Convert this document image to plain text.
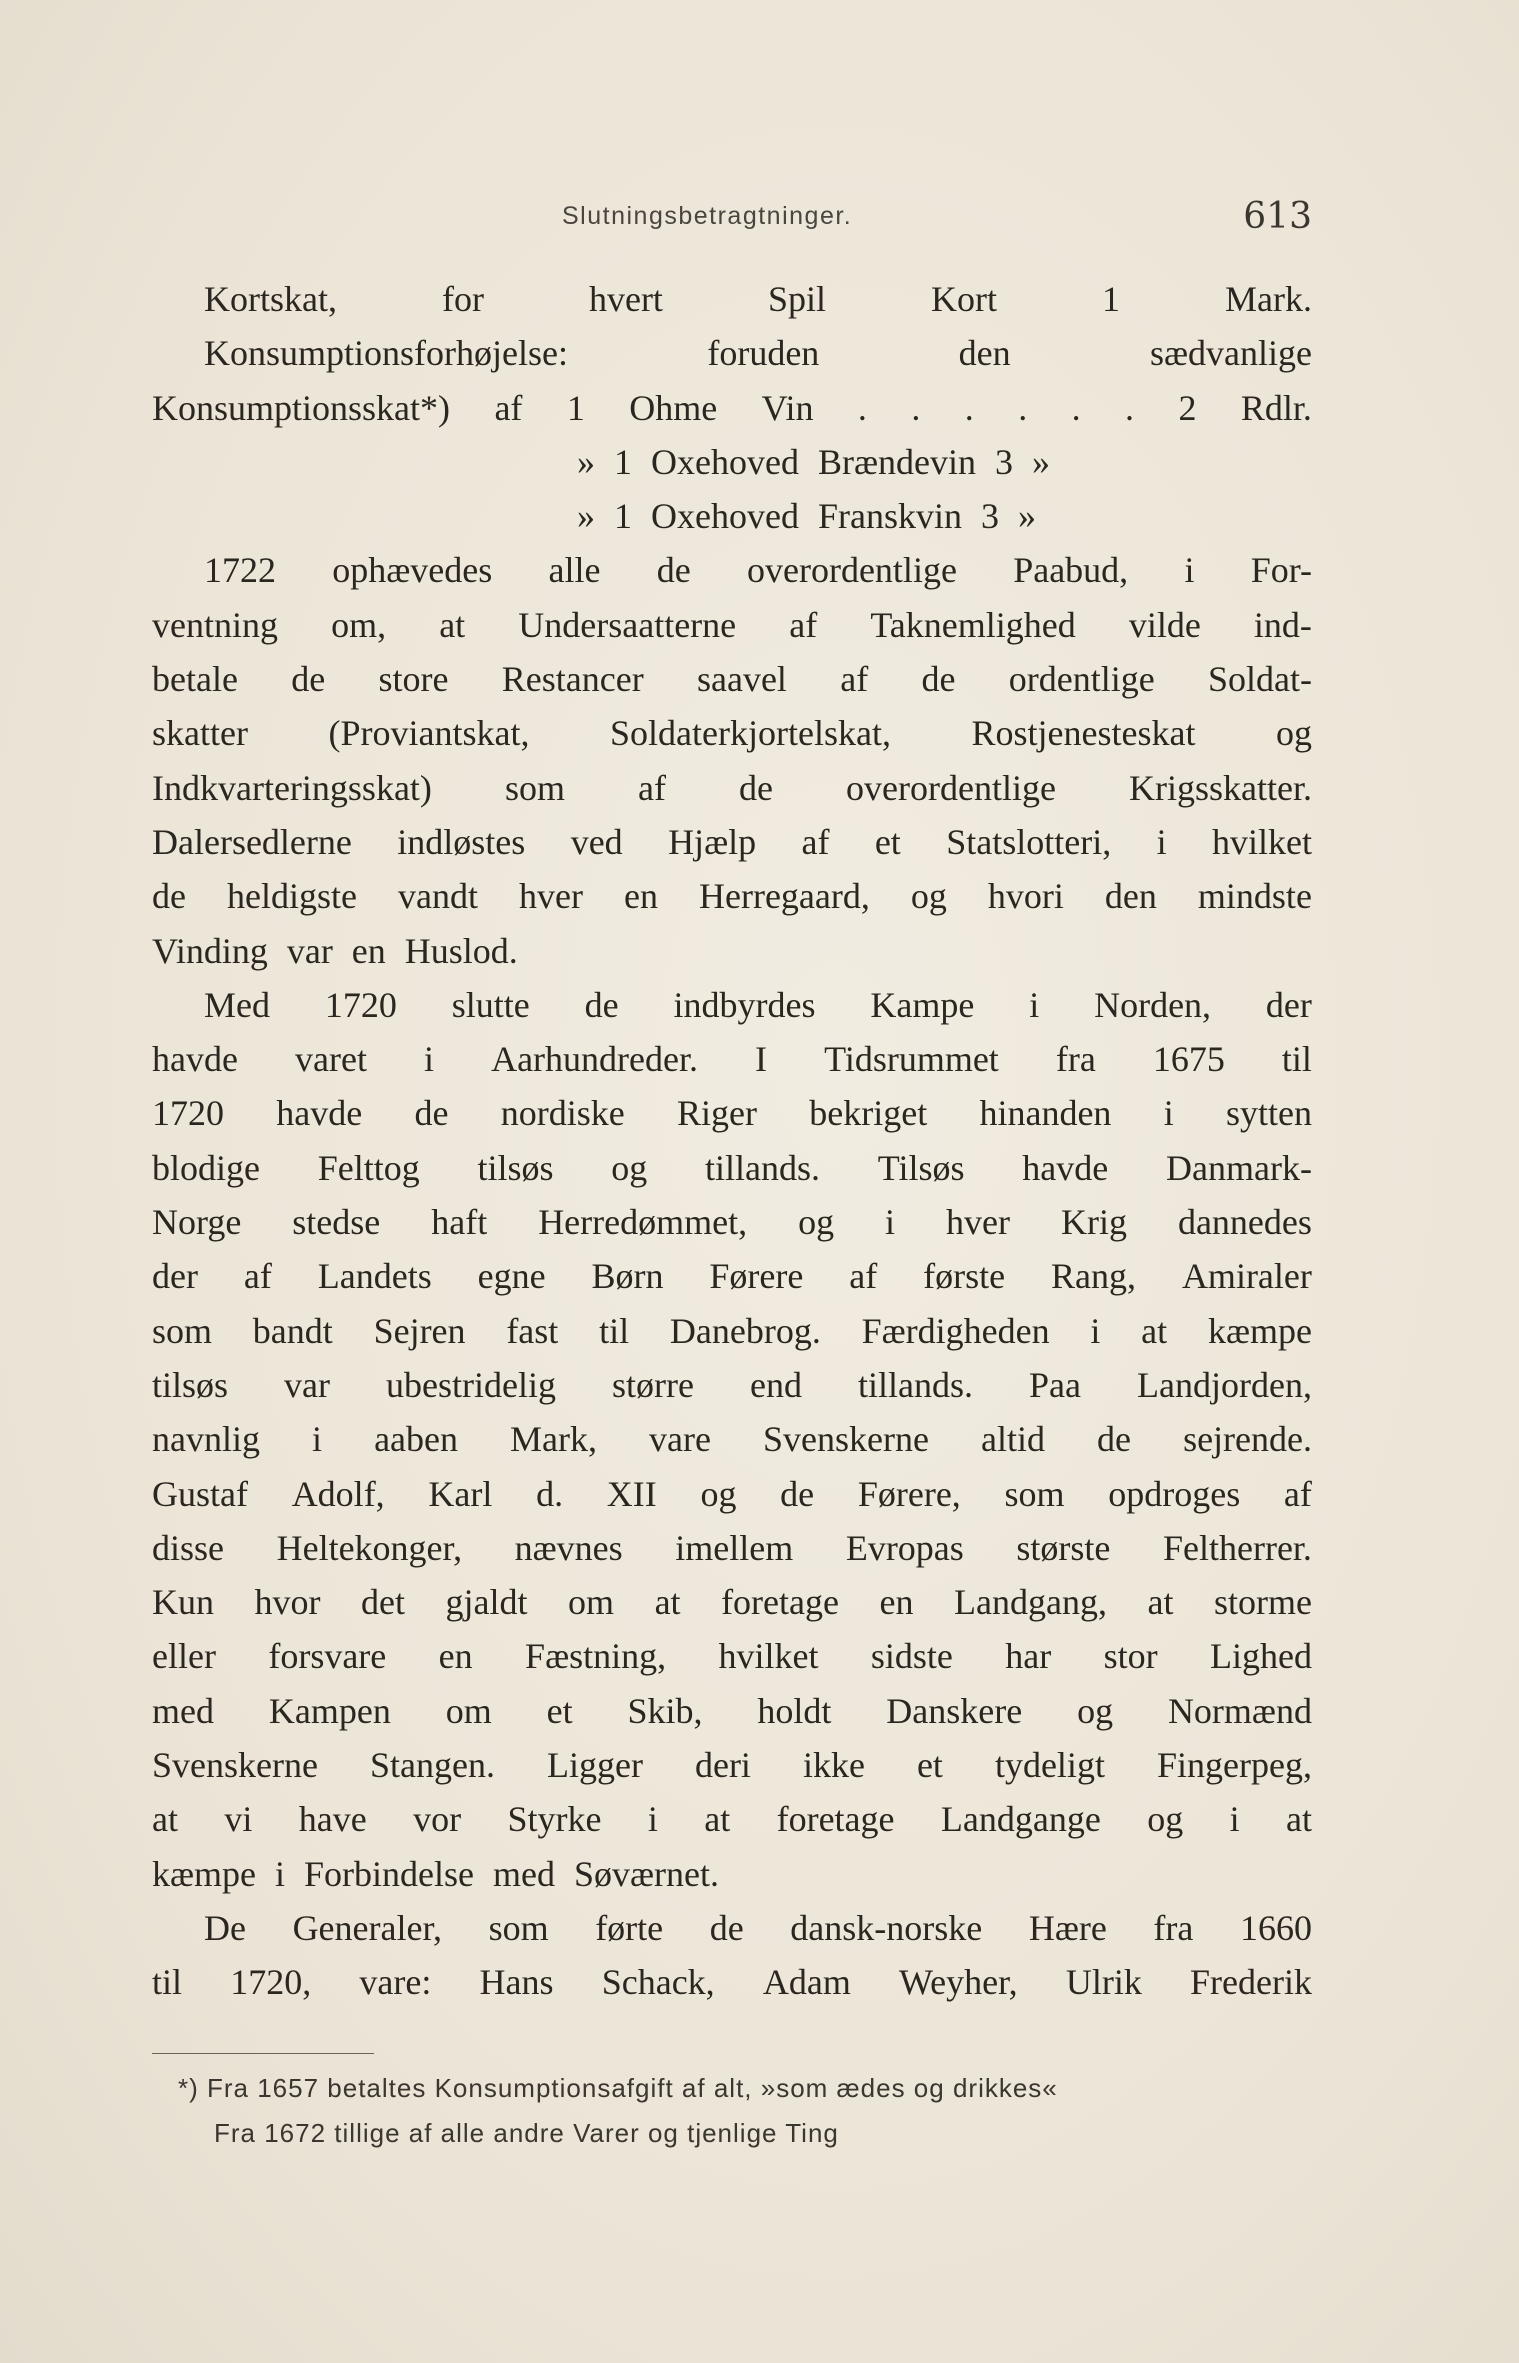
Slutningsbetragtninger.	613
Kortskat,	for	hvert	Spil	Kort	1	Mark.
Konsumptionsforhøjelse:	foruden	den	sædvanlige
Konsumptionsskat*) af 1 Ohme Vin . . . . . . 2 Rdlr.
» 1 Oxehoved Brændevin 3 »
» 1 Oxehoved Franskvin 3 »
1722 ophævedes alle de overordentlige Paabud, i For-
ventning om, at Undersaatterne af Taknemlighed vilde ind-
betale de store Restancer saavel af de ordentlige Soldat-
skatter (Proviantskat, Soldaterkjortelskat, Rostjenesteskat og
Indkvarteringsskat) som af de overordentlige Krigsskatter.
Dalersedlerne indløstes ved Hjælp af et Statslotteri, i hvilket
de heldigste vandt hver en Herregaard, og hvori den mindste
Vinding var en Huslod.
Med 1720 slutte de indbyrdes Kampe i Norden, der
havde varet i Aarhundreder. I Tidsrummet fra 1675 til
1720 havde de nordiske Riger bekriget hinanden i sytten
blodige Felttog tilsøs og tillands. Tilsøs havde Danmark-
Norge stedse haft Herredømmet, og i hver Krig dannedes
der af Landets egne Børn Førere af første Rang, Amiraler
som bandt Sejren fast til Danebrog. Færdigheden i at kæmpe
tilsøs var ubestridelig større end tillands. Paa Landjorden,
navnlig i aaben Mark, vare Svenskerne altid de sejrende.
Gustaf Adolf, Karl d. XII og de Førere, som opdroges af
disse Heltekonger, nævnes imellem Evropas største Feltherrer.
Kun hvor det gjaldt om at foretage en Landgang, at storme
eller forsvare en Fæstning, hvilket sidste har stor Lighed
med Kampen om et Skib, holdt Danskere og Normænd
Svenskerne Stangen. Ligger deri ikke et tydeligt Fingerpeg,
at vi have vor Styrke i at foretage Landgange og i at
kæmpe i Forbindelse med Søværnet.
De Generaler, som førte de dansk-norske Hære fra 1660
til 1720, vare: Hans Schack, Adam Weyher, Ulrik Frederik
*) Fra 1657 betaltes Konsumptionsafgift af alt, »som ædes og drikkes«
Fra 1672 tillige af alle andre Varer og tjenlige Ting
